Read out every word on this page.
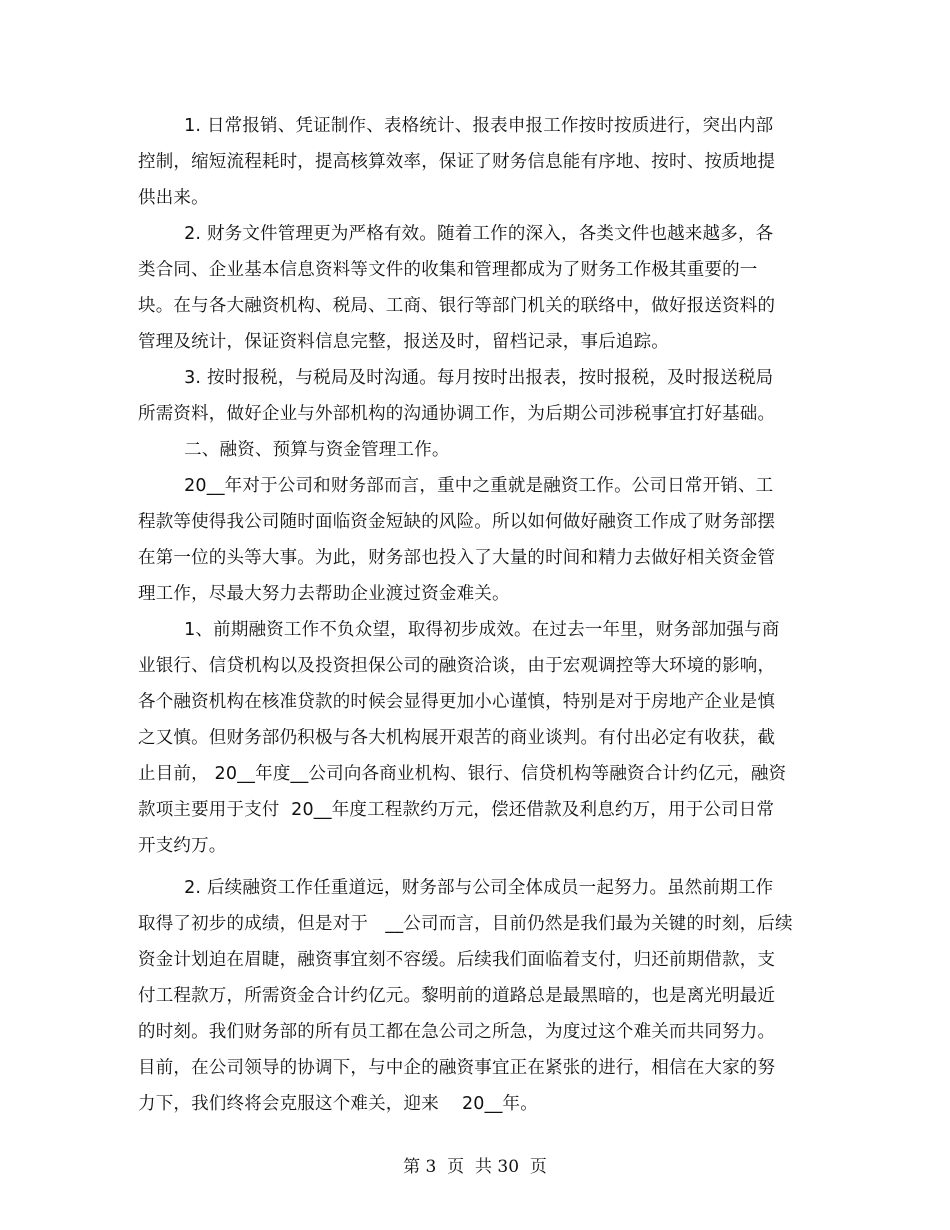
1. 日常报销、凭证制作、表格统计、报表申报工作按时按质进行，突出内部
控制，缩短流程耗时，提高核算效率，保证了财务信息能有序地、按时、按质地提
供出来。
2. 财务文件管理更为严格有效。随着工作的深入，各类文件也越来越多，各
类合同、企业基本信息资料等文件的收集和管理都成为了财务工作极其重要的一
块。在与各大融资机构、税局、工商、银行等部门机关的联络中，做好报送资料的
管理及统计，保证资料信息完整，报送及时，留档记录，事后追踪。
3. 按时报税，与税局及时沟通。每月按时出报表，按时报税，及时报送税局
所需资料，做好企业与外部机构的沟通协调工作，为后期公司涉税事宜打好基础。
二、融资、预算与资金管理工作。
20__年对于公司和财务部而言，重中之重就是融资工作。公司日常开销、工
程款等使得我公司随时面临资金短缺的风险。所以如何做好融资工作成了财务部摆
在第一位的头等大事。为此，财务部也投入了大量的时间和精力去做好相关资金管
理工作，尽最大努力去帮助企业渡过资金难关。
1、前期融资工作不负众望，取得初步成效。在过去一年里，财务部加强与商
业银行、信贷机构以及投资担保公司的融资洽谈，由于宏观调控等大环境的影响，
各个融资机构在核准贷款的时候会显得更加小心谨慎，特别是对于房地产企业是慎
之又慎。但财务部仍积极与各大机构展开艰苦的商业谈判。有付出必定有收获，截
止目前， 20__年度__公司向各商业机构、银行、信贷机构等融资合计约亿元，融资
款项主要用于支付  20__年度工程款约万元，偿还借款及利息约万，用于公司日常
开支约万。
2. 后续融资工作任重道远，财务部与公司全体成员一起努力。虽然前期工作
取得了初步的成绩，但是对于   __公司而言，目前仍然是我们最为关键的时刻，后续
资金计划迫在眉睫，融资事宜刻不容缓。后续我们面临着支付，归还前期借款，支
付工程款万，所需资金合计约亿元。黎明前的道路总是最黑暗的，也是离光明最近
的时刻。我们财务部的所有员工都在急公司之所急，为度过这个难关而共同努力。
目前，在公司领导的协调下，与中企的融资事宜正在紧张的进行，相信在大家的努
力下，我们终将会克服这个难关，迎来    20__年。
第 3  页  共 30  页
